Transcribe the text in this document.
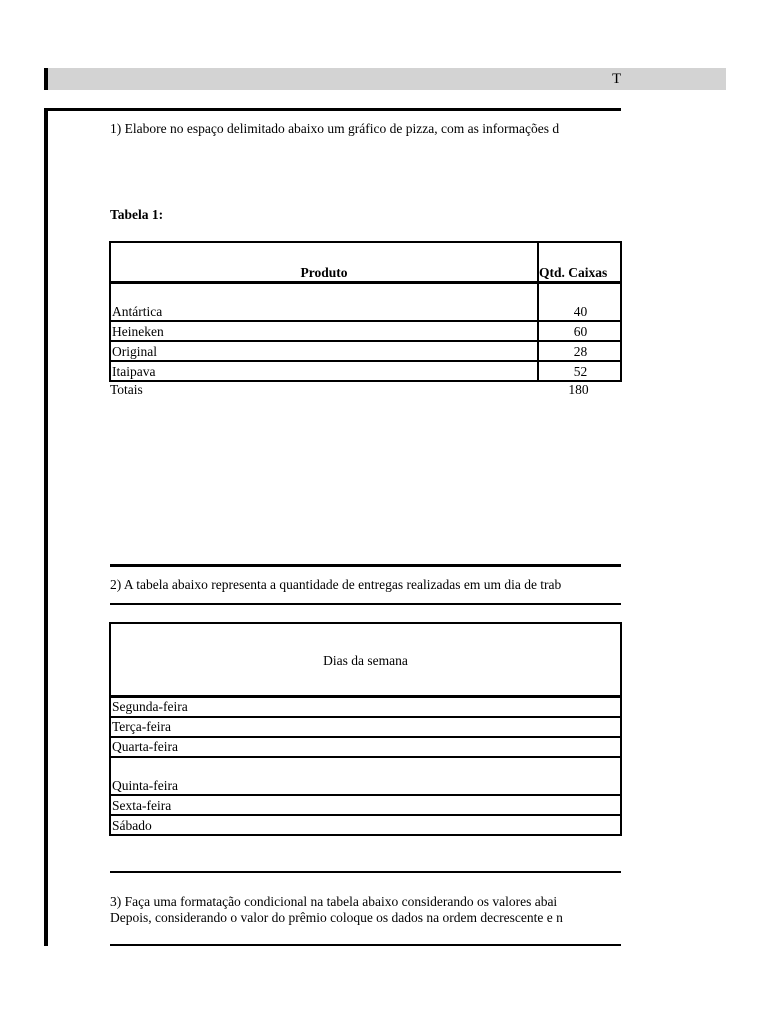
T
1) Elabore no espaço delimitado abaixo um gráfico de pizza, com as informações d
Tabela 1:
Produto	Qtd. Caixas
Antártica	40
Heineken	60
Original	28
Itaipava	52
Totais	180
2) A tabela abaixo representa a quantidade de entregas realizadas em um dia de trab
Dias da semana
Segunda-feira
Terça-feira
Quarta-feira
Quinta-feira
Sexta-feira
Sábado
3) Faça uma formatação condicional na tabela abaixo considerando os valores abai
Depois, considerando o valor do prêmio coloque os dados na ordem decrescente e n
